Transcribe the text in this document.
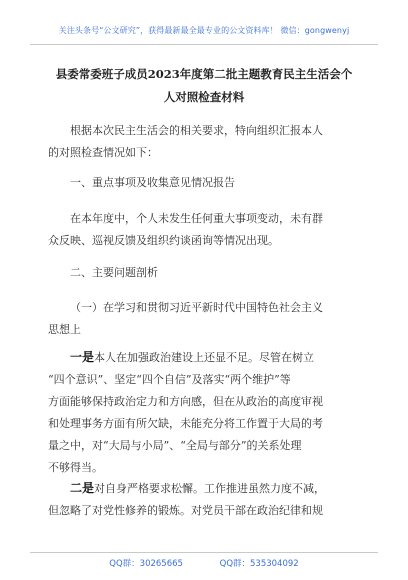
关注头条号“公文研究”，获得最新最全最专业的公文资料库！ 微信：gongwenyj
县委常委班子成员2023年度第二批主题教育民主生活会个
人对照检查材料
根据本次民主生活会的相关要求，特向组织汇报本人
的对照检查情况如下：
一、重点事项及收集意见情况报告
在本年度中，个人未发生任何重大事项变动，未有群
众反映、巡视反馈及组织约谈函询等情况出现。
二、主要问题剖析
（一）在学习和贯彻习近平新时代中国特色社会主义
思想上
一是本人在加强政治建设上还显不足。尽管在树立
“四个意识”、坚定“四个自信”及落实“两个维护”等
方面能够保持政治定力和方向感，但在从政治的高度审视
和处理事务方面有所欠缺，未能充分将工作置于大局的考
量之中，对“大局与小局”、“全局与部分”的关系处理
不够得当。
二是对自身严格要求松懈。工作推进虽然力度不减，
但忽略了对党性修养的锻炼。对党员干部在政治纪律和规
QQ群：30265665	QQ群：535304092
